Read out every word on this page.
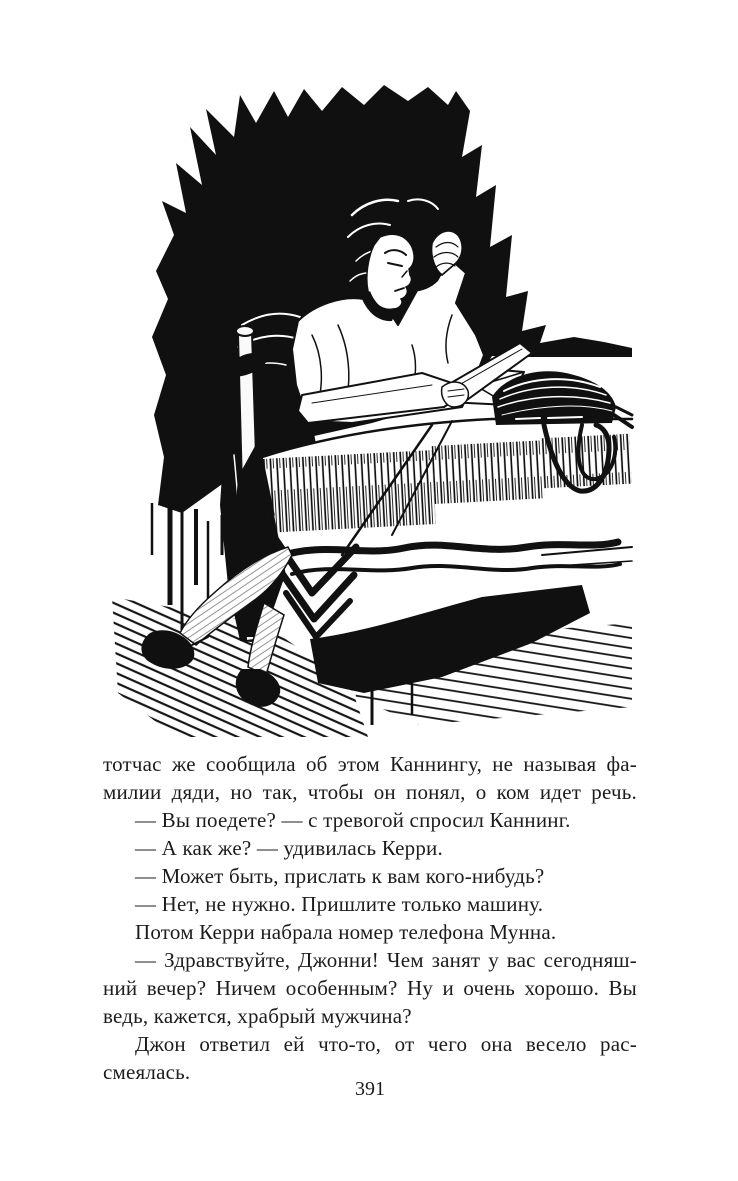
тотчас же сообщила об этом Каннингу, не называя фа-
милии дяди, но так, чтобы он понял, о ком идет речь.
— Вы поедете? — с тревогой спросил Каннинг.
— А как же? — удивилась Керри.
— Может быть, прислать к вам кого-нибудь?
— Нет, не нужно. Пришлите только машину.
Потом Керри набрала номер телефона Мунна.
— Здравствуйте, Джонни! Чем занят у вас сегодняш-
ний вечер? Ничем особенным? Ну и очень хорошо. Вы
ведь, кажется, храбрый мужчина?
Джон ответил ей что-то, от чего она весело рас-
смеялась.
391
